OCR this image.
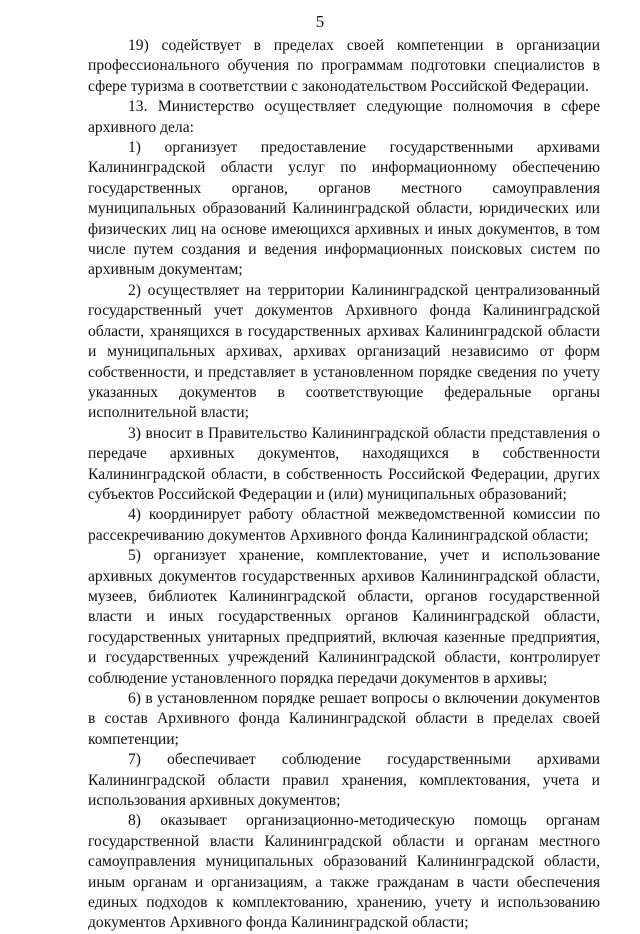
5

19) содействует в пределах своей компетенции в организации профессионального обучения по программам подготовки специалистов в сфере туризма в соответствии с законодательством Российской Федерации.

13. Министерство осуществляет следующие полномочия в сфере архивного дела:

1) организует предоставление государственными архивами Калининградской области услуг по информационному обеспечению государственных органов, органов местного самоуправления муниципальных образований Калининградской области, юридических или физических лиц на основе имеющихся архивных и иных документов, в том числе путем создания и ведения информационных поисковых систем по архивным документам;

2) осуществляет на территории Калининградской централизованный государственный учет документов Архивного фонда Калининградской области, хранящихся в государственных архивах Калининградской области и муниципальных архивах, архивах организаций независимо от форм собственности, и представляет в установленном порядке сведения по учету указанных документов в соответствующие федеральные органы исполнительной власти;

3) вносит в Правительство Калининградской области представления о передаче архивных документов, находящихся в собственности Калининградской области, в собственность Российской Федерации, других субъектов Российской Федерации и (или) муниципальных образований;

4) координирует работу областной межведомственной комиссии по рассекречиванию документов Архивного фонда Калининградской области;

5) организует хранение, комплектование, учет и использование архивных документов государственных архивов Калининградской области, музеев, библиотек Калининградской области, органов государственной власти и иных государственных органов Калининградской области, государственных унитарных предприятий, включая казенные предприятия, и государственных учреждений Калининградской области, контролирует соблюдение установленного порядка передачи документов в архивы;

6) в установленном порядке решает вопросы о включении документов в состав Архивного фонда Калининградской области в пределах своей компетенции;

7) обеспечивает соблюдение государственными архивами Калининградской области правил хранения, комплектования, учета и использования архивных документов;

8) оказывает организационно-методическую помощь органам государственной власти Калининградской области и органам местного самоуправления муниципальных образований Калининградской области, иным органам и организациям, а также гражданам в части обеспечения единых подходов к комплектованию, хранению, учету и использованию документов Архивного фонда Калининградской области;
